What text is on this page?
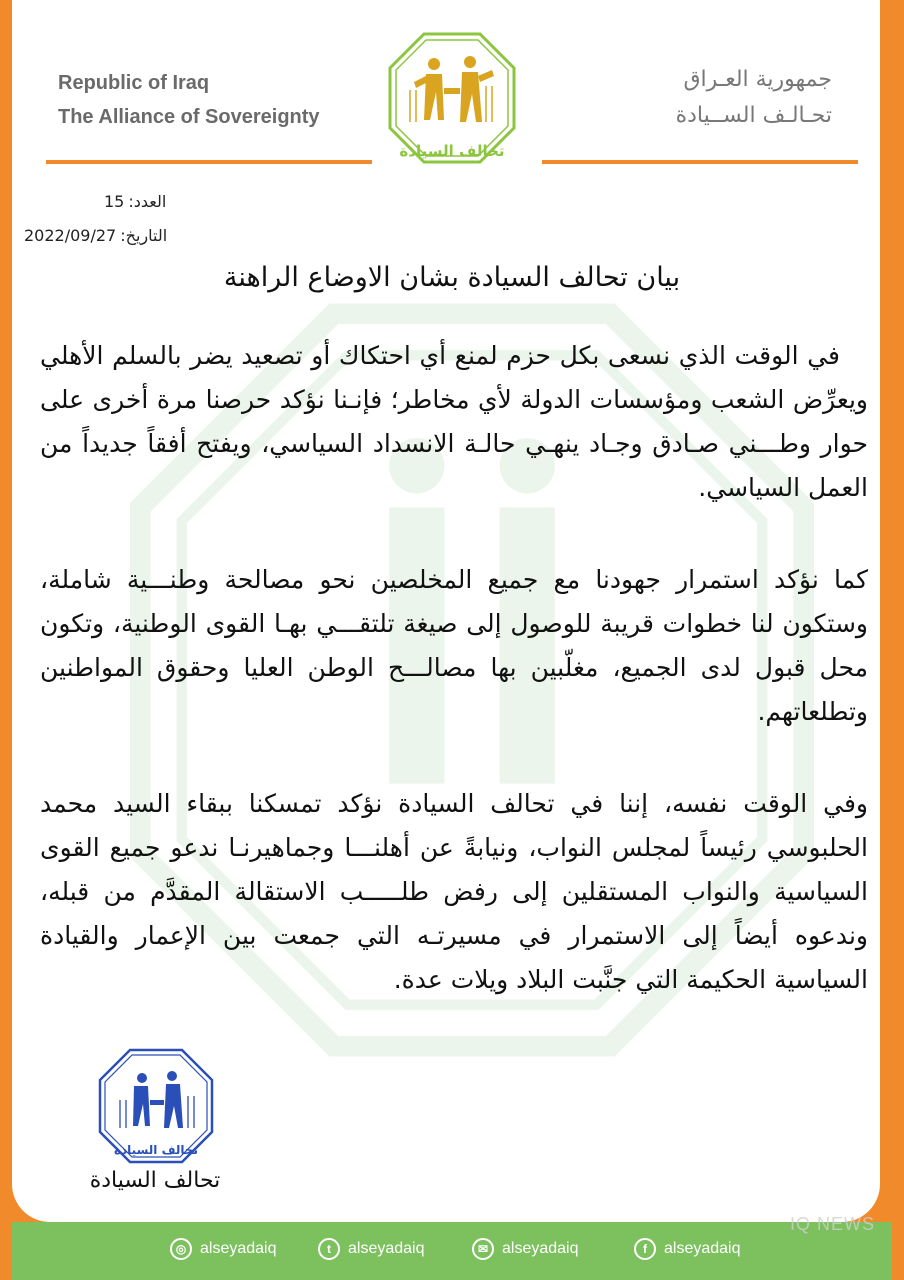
Republic of Iraq
The Alliance of Sovereignty
جمهورية العـراق
تحـالـف الســيادة
تحالف السيادة
15 العدد:
2022/09/27 التاريخ:
بيان تحالف السيادة بشان الاوضاع الراهنة

في الوقت الذي نسعى بكل حزم لمنع أي احتكاك أو تصعيد يضر بالسلم الأهلي ويعرِّض الشعب ومؤسسات الدولة لأي مخاطر؛ فإنـنا نؤكد حرصنا مرة أخرى على حوار وطـــني صـادق وجـاد ينهـي حالـة الانسداد السياسي، ويفتح أفقاً جديداً من العمل السياسي.

كما نؤكد استمرار جهودنا مع جميع المخلصين نحو مصالحة وطنـــية شاملة، وستكون لنا خطوات قريبة للوصول إلى صيغة تلتقـــي بهـا القوى الوطنية، وتكون محل قبول لدى الجميع، مغلّبين بها مصالـــح الوطن العليا وحقوق المواطنين وتطلعاتهم.

وفي الوقت نفسه، إننا في تحالف السيادة نؤكد تمسكنا ببقاء السيد محمد الحلبوسي رئيساً لمجلس النواب، ونيابةً عن أهلنـــا وجماهيرنـا ندعو جميع القوى السياسية والنواب المستقلين إلى رفض طلـــــب الاستقالة المقدَّم من قبله، وندعوه أيضاً إلى الاستمرار في مسيرتـه التي جمعت بين الإعمار والقيادة السياسية الحكيمة التي جنَّبت البلاد ويلات عدة.

تحالف السيادة
تحالف السيادة
◎ alseyadaiq	t	alseyadaiq	✉ alseyadaiq	f	alseyadaiq
IQ NEWS
